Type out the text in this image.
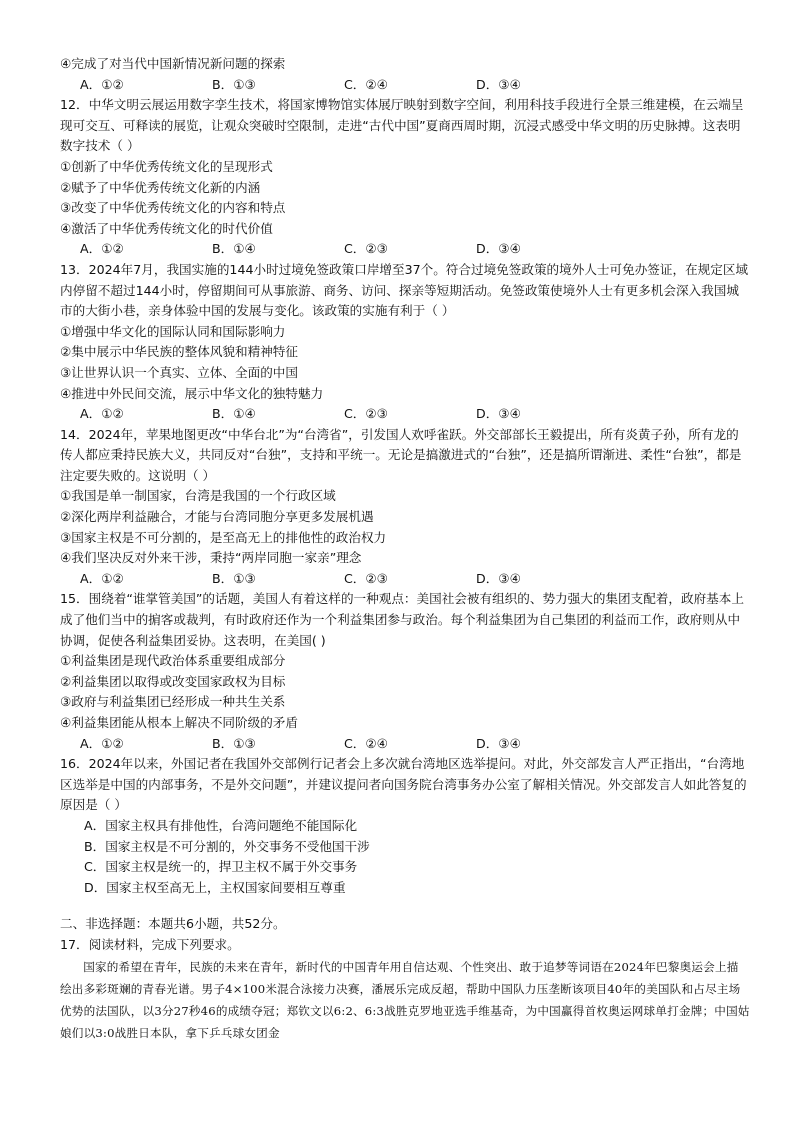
④完成了对当代中国新情况新问题的探索
A．①②	B．①③	C．②④	D．③④
12．中华文明云展运用数字孪生技术，将国家博物馆实体展厅映射到数字空间，利用科技手段进行全景三维建模，在云端呈现可交互、可释读的展览，让观众突破时空限制，走进“古代中国”夏商西周时期，沉浸式感受中华文明的历史脉搏。这表明数字技术（ ）
①创新了中华优秀传统文化的呈现形式
②赋予了中华优秀传统文化新的内涵
③改变了中华优秀传统文化的内容和特点
④激活了中华优秀传统文化的时代价值
A．①②	B．①④	C．②③	D．③④
13．2024年7月，我国实施的144小时过境免签政策口岸增至37个。符合过境免签政策的境外人士可免办签证，在规定区域内停留不超过144小时，停留期间可从事旅游、商务、访问、探亲等短期活动。免签政策使境外人士有更多机会深入我国城市的大街小巷，亲身体验中国的发展与变化。该政策的实施有利于（ ）
①增强中华文化的国际认同和国际影响力
②集中展示中华民族的整体风貌和精神特征
③让世界认识一个真实、立体、全面的中国
④推进中外民间交流，展示中华文化的独特魅力
A．①②	B．①④	C．②③	D．③④
14．2024年，苹果地图更改“中华台北”为“台湾省”，引发国人欢呼雀跃。外交部部长王毅提出，所有炎黄子孙，所有龙的传人都应秉持民族大义，共同反对“台独”，支持和平统一。无论是搞激进式的“台独”，还是搞所谓渐进、柔性“台独”，都是注定要失败的。这说明（ ）
①我国是单一制国家，台湾是我国的一个行政区域
②深化两岸利益融合，才能与台湾同胞分享更多发展机遇
③国家主权是不可分割的，是至高无上的排他性的政治权力
④我们坚决反对外来干涉，秉持“两岸同胞一家亲”理念
A．①②	B．①③	C．②③	D．③④
15．围绕着“谁掌管美国”的话题，美国人有着这样的一种观点：美国社会被有组织的、势力强大的集团支配着，政府基本上成了他们当中的掮客或裁判，有时政府还作为一个利益集团参与政治。每个利益集团为自己集团的利益而工作，政府则从中协调，促使各利益集团妥协。这表明，在美国( )
①利益集团是现代政治体系重要组成部分
②利益集团以取得或改变国家政权为目标
③政府与利益集团已经形成一种共生关系
④利益集团能从根本上解决不同阶级的矛盾
A．①②	B．①③	C．②④	D．③④
16．2024年以来，外国记者在我国外交部例行记者会上多次就台湾地区选举提问。对此，外交部发言人严正指出，“台湾地区选举是中国的内部事务，不是外交问题”，并建议提问者向国务院台湾事务办公室了解相关情况。外交部发言人如此答复的原因是（ ）
A．国家主权具有排他性，台湾问题绝不能国际化
B．国家主权是不可分割的，外交事务不受他国干涉
C．国家主权是统一的，捍卫主权不属于外交事务
D．国家主权至高无上，主权国家间要相互尊重
二、非选择题：本题共6小题，共52分。
17．阅读材料，完成下列要求。
国家的希望在青年，民族的未来在青年，新时代的中国青年用自信达观、个性突出、敢于追梦等词语在2024年巴黎奥运会上描绘出多彩斑斓的青春光谱。男子4×100米混合泳接力决赛，潘展乐完成反超，帮助中国队力压垄断该项目40年的美国队和占尽主场优势的法国队，以3分27秒46的成绩夺冠；郑钦文以6:2、6:3战胜克罗地亚选手维基奇，为中国赢得首枚奥运网球单打金牌；中国姑娘们以3:0战胜日本队，拿下乒乓球女团金
